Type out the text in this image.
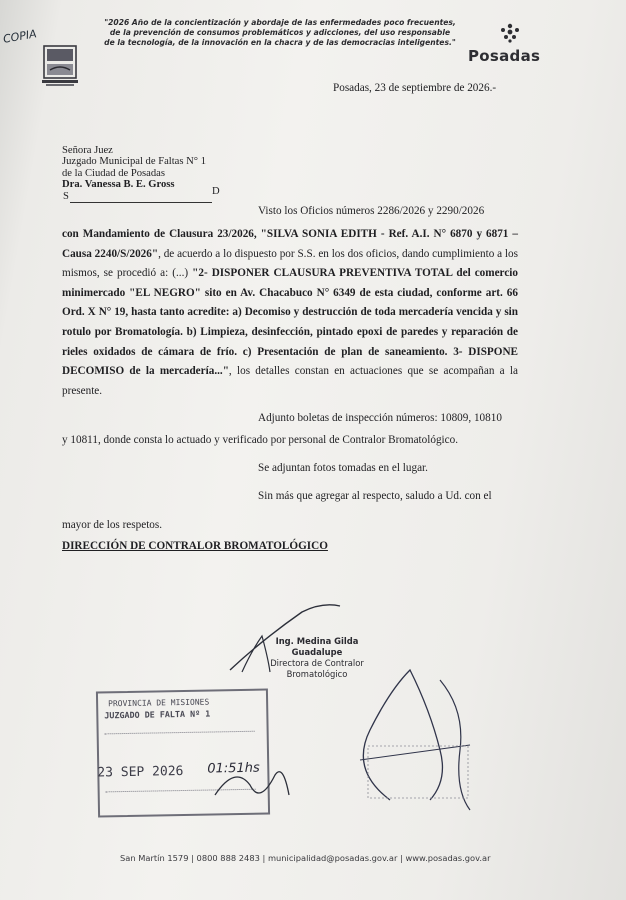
COPIA
"2026 Año de la concientización y abordaje de las enfermedades poco frecuentes,
de la prevención de consumos problemáticos y adicciones, del uso responsable
de la tecnología, de la innovación en la chacra y de las democracias inteligentes."
Posadas
Posadas, 23 de septiembre de 2026.-
Señora Juez
Juzgado Municipal de Faltas N° 1
de la Ciudad de Posadas
Dra. Vanessa B. E. Gross
S	D
Visto los Oficios números 2286/2026 y 2290/2026
con Mandamiento de Clausura 23/2026, "SILVA SONIA EDITH - Ref. A.I. N° 6870 y 6871 – Causa 2240/S/2026", de acuerdo a lo dispuesto por S.S. en los dos oficios, dando cumplimiento a los mismos, se procedió a: (...) "2- DISPONER CLAUSURA PREVENTIVA TOTAL del comercio minimercado "EL NEGRO" sito en Av. Chacabuco N° 6349 de esta ciudad, conforme art. 66 Ord. X N° 19, hasta tanto acredite: a) Decomiso y destrucción de toda mercadería vencida y sin rotulo por Bromatología. b) Limpieza, desinfección, pintado epoxi de paredes y reparación de rieles oxidados de cámara de frío. c) Presentación de plan de saneamiento. 3- DISPONE DECOMISO de la mercadería...", los detalles constan en actuaciones que se acompañan a la presente.
Adjunto boletas de inspección números: 10809, 10810
y 10811, donde consta lo actuado y verificado por personal de Contralor Bromatológico.
Se adjuntan fotos tomadas en el lugar.
Sin más que agregar al respecto, saludo a Ud. con el
mayor de los respetos.
DIRECCIÓN DE CONTRALOR BROMATOLÓGICO
Ing. Medina Gilda Guadalupe
Directora de Contralor
Bromatológico
PROVINCIA DE MISIONES
JUZGADO DE FALTA Nº 1
23 SEP 2026 01:51hs
San Martín 1579 | 0800 888 2483 | municipalidad@posadas.gov.ar | www.posadas.gov.ar
